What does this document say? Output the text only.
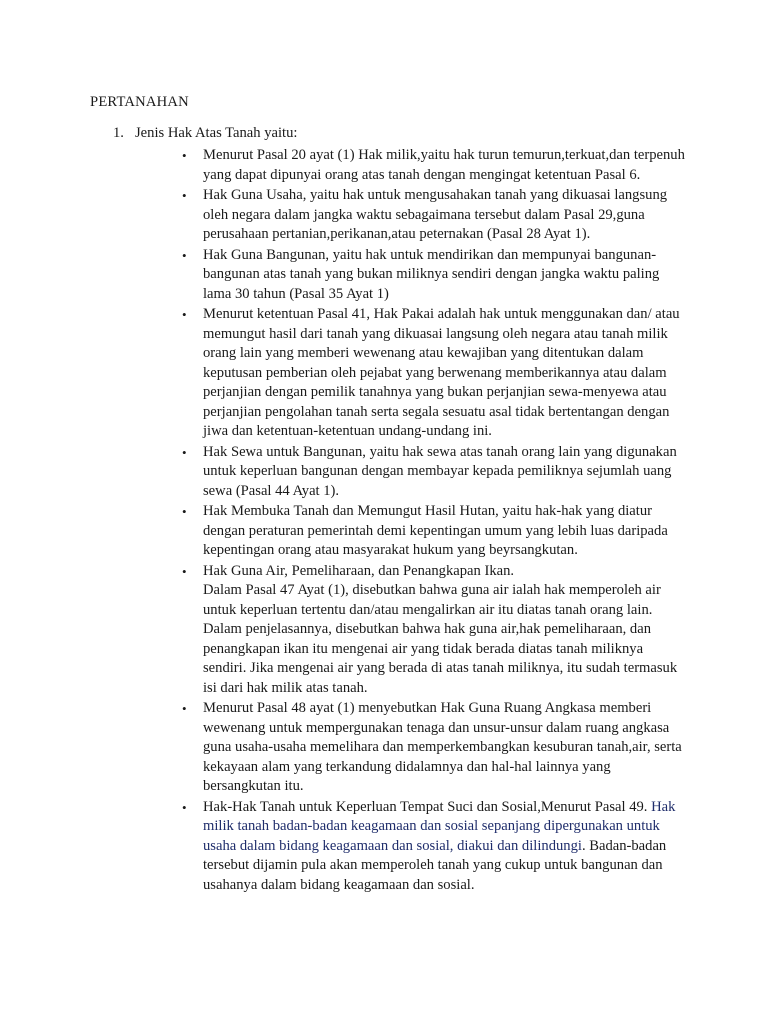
PERTANAHAN

1. Jenis Hak Atas Tanah yaitu:

• Menurut Pasal 20 ayat (1) Hak milik,yaitu hak turun temurun,terkuat,dan terpenuh yang dapat dipunyai orang atas tanah dengan mengingat ketentuan Pasal 6.
• Hak Guna Usaha, yaitu hak untuk mengusahakan tanah yang dikuasai langsung oleh negara dalam jangka waktu sebagaimana tersebut dalam Pasal 29,guna perusahaan pertanian,perikanan,atau peternakan (Pasal 28 Ayat 1).
• Hak Guna Bangunan, yaitu hak untuk mendirikan dan mempunyai bangunan-bangunan atas tanah yang bukan miliknya sendiri dengan jangka waktu paling lama 30 tahun (Pasal 35 Ayat 1)
• Menurut ketentuan Pasal 41, Hak Pakai adalah hak untuk menggunakan dan/ atau memungut hasil dari tanah yang dikuasai langsung oleh negara atau tanah milik orang lain yang memberi wewenang atau kewajiban yang ditentukan dalam keputusan pemberian oleh pejabat yang berwenang memberikannya atau dalam perjanjian dengan pemilik tanahnya yang bukan perjanjian sewa-menyewa atau perjanjian pengolahan tanah serta segala sesuatu asal tidak bertentangan dengan jiwa dan ketentuan-ketentuan undang-undang ini.
• Hak Sewa untuk Bangunan, yaitu hak sewa atas tanah orang lain yang digunakan untuk keperluan bangunan dengan membayar kepada pemiliknya sejumlah uang sewa (Pasal 44 Ayat 1).
• Hak Membuka Tanah dan Memungut Hasil Hutan, yaitu hak-hak yang diatur dengan peraturan pemerintah demi kepentingan umum yang lebih luas daripada kepentingan orang atau masyarakat hukum yang beyrsangkutan.
• Hak Guna Air, Pemeliharaan, dan Penangkapan Ikan.
Dalam Pasal 47 Ayat (1), disebutkan bahwa guna air ialah hak memperoleh air untuk keperluan tertentu dan/atau mengalirkan air itu diatas tanah orang lain. Dalam penjelasannya, disebutkan bahwa hak guna air,hak pemeliharaan, dan penangkapan ikan itu mengenai air yang tidak berada diatas tanah miliknya sendiri. Jika mengenai air yang berada di atas tanah miliknya, itu sudah termasuk isi dari hak milik atas tanah.
• Menurut Pasal 48 ayat (1) menyebutkan Hak Guna Ruang Angkasa memberi wewenang untuk mempergunakan tenaga dan unsur-unsur dalam ruang angkasa guna usaha-usaha memelihara dan memperkembangkan kesuburan tanah,air, serta kekayaan alam yang terkandung didalamnya dan hal-hal lainnya yang bersangkutan itu.
• Hak-Hak Tanah untuk Keperluan Tempat Suci dan Sosial,Menurut Pasal 49. Hak milik tanah badan-badan keagamaan dan sosial sepanjang dipergunakan untuk usaha dalam bidang keagamaan dan sosial, diakui dan dilindungi. Badan-badan tersebut dijamin pula akan memperoleh tanah yang cukup untuk bangunan dan usahanya dalam bidang keagamaan dan sosial.
